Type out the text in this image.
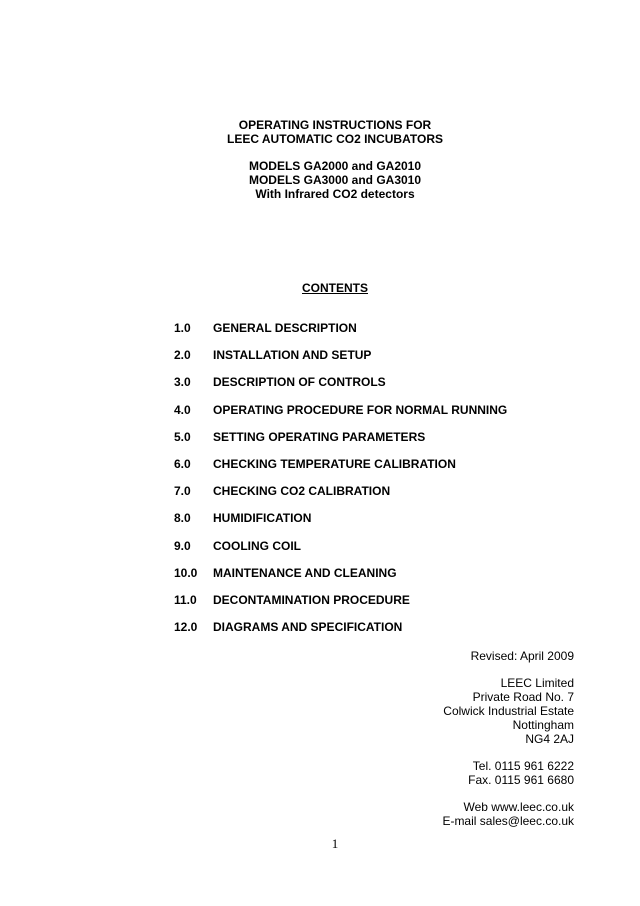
OPERATING INSTRUCTIONS FOR
LEEC AUTOMATIC CO2 INCUBATORS
MODELS GA2000 and GA2010
MODELS GA3000 and GA3010
With Infrared CO2 detectors
CONTENTS
1.0	GENERAL DESCRIPTION
2.0	INSTALLATION AND SETUP
3.0	DESCRIPTION OF CONTROLS
4.0	OPERATING PROCEDURE FOR NORMAL RUNNING
5.0	SETTING OPERATING PARAMETERS
6.0	CHECKING TEMPERATURE CALIBRATION
7.0	CHECKING CO2 CALIBRATION
8.0	HUMIDIFICATION
9.0	COOLING COIL
10.0	MAINTENANCE AND CLEANING
11.0	DECONTAMINATION PROCEDURE
12.0	DIAGRAMS AND SPECIFICATION
Revised: April 2009
LEEC Limited
Private Road No. 7
Colwick Industrial Estate
Nottingham
NG4 2AJ
Tel. 0115 961 6222
Fax. 0115 961 6680
Web www.leec.co.uk
E-mail sales@leec.co.uk
1
